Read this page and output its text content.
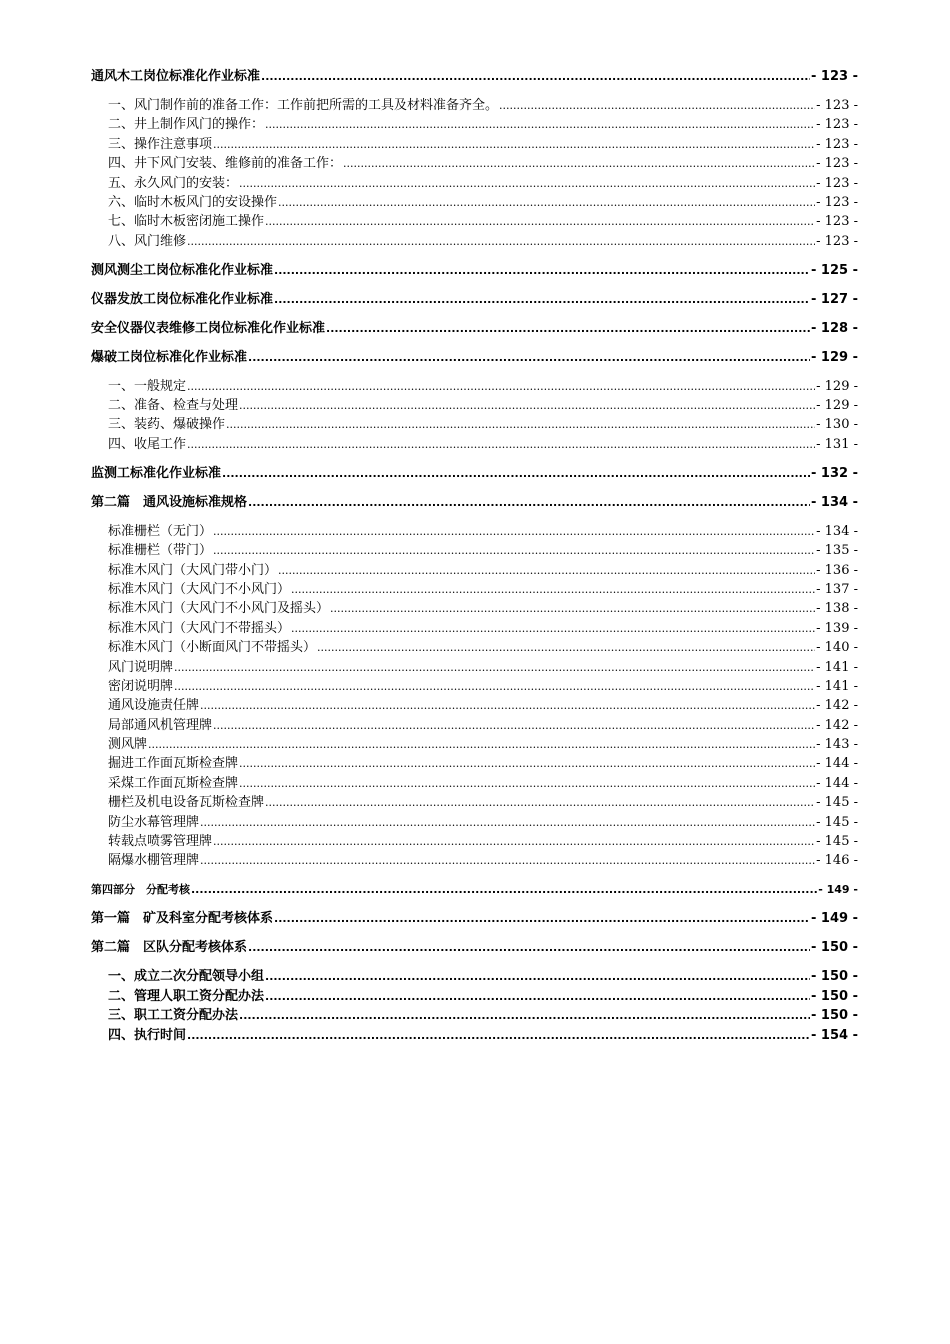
通风木工岗位标准化作业标准 .....	- 123 -
一、风门制作前的准备工作：工作前把所需的工具及材料准备齐全。 .....	- 123 -
二、井上制作风门的操作： .....	- 123 -
三、操作注意事项 .....	- 123 -
四、井下风门安装、维修前的准备工作： .....	- 123 -
五、永久风门的安装： .....	- 123 -
六、临时木板风门的安设操作 .....	- 123 -
七、临时木板密闭施工操作 .....	- 123 -
八、风门维修 .....	- 123 -
测风测尘工岗位标准化作业标准 .....	- 125 -
仪器发放工岗位标准化作业标准 .....	- 127 -
安全仪器仪表维修工岗位标准化作业标准 .....	- 128 -
爆破工岗位标准化作业标准 .....	- 129 -
一、一般规定 .....	- 129 -
二、准备、检查与处理 .....	- 129 -
三、装药、爆破操作 .....	- 130 -
四、收尾工作 .....	- 131 -
监测工标准化作业标准 .....	- 132 -
第二篇　通风设施标准规格 .....	- 134 -
标准栅栏（无门） .....	- 134 -
标准栅栏（带门） .....	- 135 -
标准木风门（大风门带小门） .....	- 136 -
标准木风门（大风门不小风门） .....	- 137 -
标准木风门（大风门不小风门及摇头） .....	- 138 -
标准木风门（大风门不带摇头） .....	- 139 -
标准木风门（小断面风门不带摇头） .....	- 140 -
风门说明牌 .....	- 141 -
密闭说明牌 .....	- 141 -
通风设施责任牌 .....	- 142 -
局部通风机管理牌 .....	- 142 -
测风牌 .....	- 143 -
掘进工作面瓦斯检查牌 .....	- 144 -
采煤工作面瓦斯检查牌 .....	- 144 -
栅栏及机电设备瓦斯检查牌 .....	- 145 -
防尘水幕管理牌 .....	- 145 -
转载点喷雾管理牌 .....	- 145 -
隔爆水棚管理牌 .....	- 146 -
第四部分　分配考核 .....	- 149 -
第一篇　矿及科室分配考核体系 .....	- 149 -
第二篇　区队分配考核体系 .....	- 150 -
一、成立二次分配领导小组 .....	- 150 -
二、管理人职工资分配办法 .....	- 150 -
三、职工工资分配办法 .....	- 150 -
四、执行时间 .....	- 154 -
